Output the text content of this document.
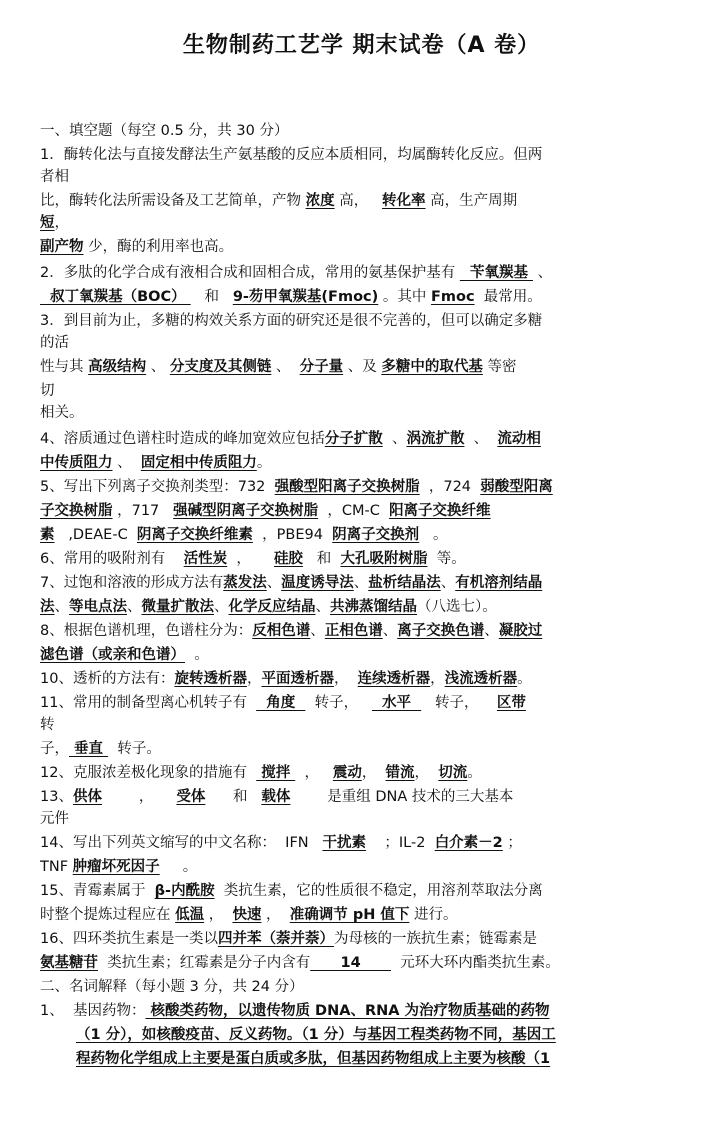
生物制药工艺学 期末试卷（A 卷）
一、填空题（每空 0.5 分，共 30 分）
1．酶转化法与直接发酵法生产氨基酸的反应本质相同，均属酶转化反应。但两
者相
比，酶转化法所需设备及工艺简单，产物 浓度 高，   转化率 高，生产周期
短，
副产物 少，酶的利用率也高。
2．多肽的化学合成有液相合成和固相合成，常用的氨基保护基有   苄氧羰基  、
叔丁氧羰基（BOC）    和   9-芴甲氧羰基(Fmoc) 。其中 Fmoc  最常用。
3．到目前为止，多糖的构效关系方面的研究还是很不完善的，但可以确定多糖
的活
性与其 高级结构 、 分支度及其侧链 、  分子量 、及 多糖中的取代基 等密
切
相关。
4、溶质通过色谱柱时造成的峰加宽效应包括分子扩散  、涡流扩散  、  流动相
中传质阻力 、  固定相中传质阻力。
5、写出下列离子交换剂类型：732  强酸型阳离子交换树脂  ，724  弱酸型阳离
子交换树脂 ，717   强碱型阴离子交换树脂  ，CM-C  阳离子交换纤维
素   ,DEAE-C  阴离子交换纤维素  ，PBE94  阴离子交换剂   。
6、常用的吸附剂有    活性炭  ，     硅胶   和  大孔吸附树脂  等。
7、过饱和溶液的形成方法有蒸发法、温度诱导法、盐析结晶法、有机溶剂结晶
法、等电点法、微量扩散法、化学反应结晶、共沸蒸馏结晶（八选七）。
8、根据色谱机理，色谱柱分为：反相色谱、正相色谱、离子交换色谱、凝胶过
滤色谱（或亲和色谱）  。
10、透析的方法有：旋转透析器，平面透析器，  连续透析器，浅流透析器。
11、常用的制备型离心机转子有    角度    转子，     水平     转子，    区带
转
子， 垂直   转子。
12、克服浓差极化现象的措施有   搅拌   ，   震动，  错流，  切流。
13、供体        ，     受体      和   载体        是重组 DNA 技术的三大基本
元件
14、写出下列英文缩写的中文名称：  IFN   干扰素    ；IL-2  白介素－2 ；
TNF 肿瘤坏死因子     。
15、青霉素属于  β-内酰胺  类抗生素，它的性质很不稳定，用溶剂萃取法分离
时整个提炼过程应在 低温 ，  快速 ，  准确调节 pH 值下 进行。
16、四环类抗生素是一类以四并苯（萘并萘）为母核的一族抗生素；链霉素是
氨基糖苷  类抗生素；红霉素是分子内含有      14        元环大环内酯类抗生素。
二、名词解释（每小题 3 分，共 24 分）
1、  基因药物： 核酸类药物，以遗传物质 DNA、RNA 为治疗物质基础的药物
（1 分），如核酸疫苗、反义药物。（1 分）与基因工程类药物不同，基因工
程药物化学组成上主要是蛋白质或多肽，但基因药物组成上主要为核酸（1
